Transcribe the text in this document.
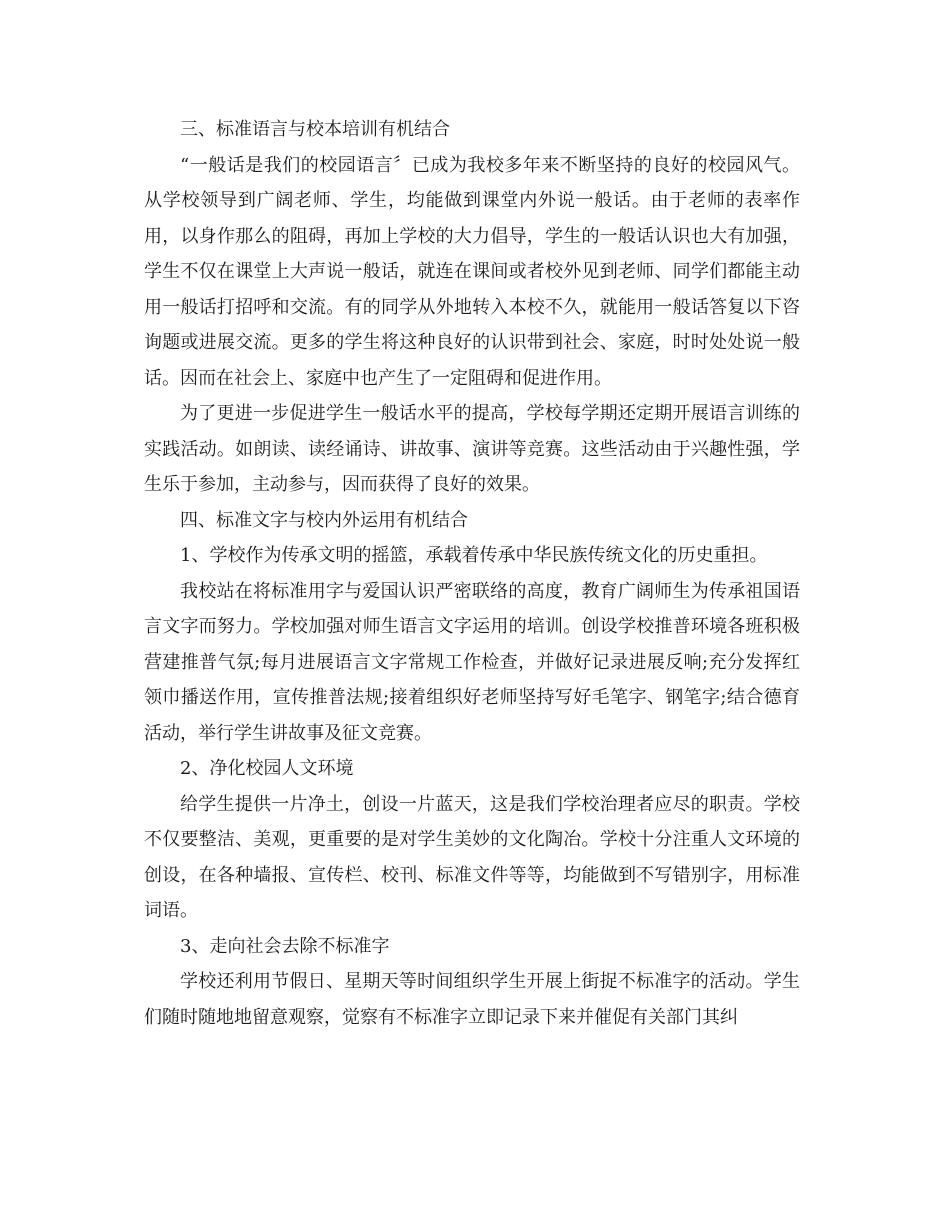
三、标准语言与校本培训有机结合

“一般话是我们的校园语言〞已成为我校多年来不断坚持的良好的校园风气。从学校领导到广阔老师、学生，均能做到课堂内外说一般话。由于老师的表率作用，以身作那么的阻碍，再加上学校的大力倡导，学生的一般话认识也大有加强，学生不仅在课堂上大声说一般话，就连在课间或者校外见到老师、同学们都能主动用一般话打招呼和交流。有的同学从外地转入本校不久，就能用一般话答复以下咨询题或进展交流。更多的学生将这种良好的认识带到社会、家庭，时时处处说一般话。因而在社会上、家庭中也产生了一定阻碍和促进作用。

为了更进一步促进学生一般话水平的提高，学校每学期还定期开展语言训练的实践活动。如朗读、读经诵诗、讲故事、演讲等竞赛。这些活动由于兴趣性强，学生乐于参加，主动参与，因而获得了良好的效果。

四、标准文字与校内外运用有机结合

1、学校作为传承文明的摇篮，承载着传承中华民族传统文化的历史重担。

我校站在将标准用字与爱国认识严密联络的高度，教育广阔师生为传承祖国语言文字而努力。学校加强对师生语言文字运用的培训。创设学校推普环境各班积极营建推普气氛;每月进展语言文字常规工作检查，并做好记录进展反响;充分发挥红领巾播送作用，宣传推普法规;接着组织好老师坚持写好毛笔字、钢笔字;结合德育活动，举行学生讲故事及征文竞赛。

2、净化校园人文环境

给学生提供一片净土，创设一片蓝天，这是我们学校治理者应尽的职责。学校不仅要整洁、美观，更重要的是对学生美妙的文化陶冶。学校十分注重人文环境的创设，在各种墙报、宣传栏、校刊、标准文件等等，均能做到不写错别字，用标准词语。

3、走向社会去除不标准字

学校还利用节假日、星期天等时间组织学生开展上街捉不标准字的活动。学生们随时随地地留意观察，觉察有不标准字立即记录下来并催促有关部门其纠
